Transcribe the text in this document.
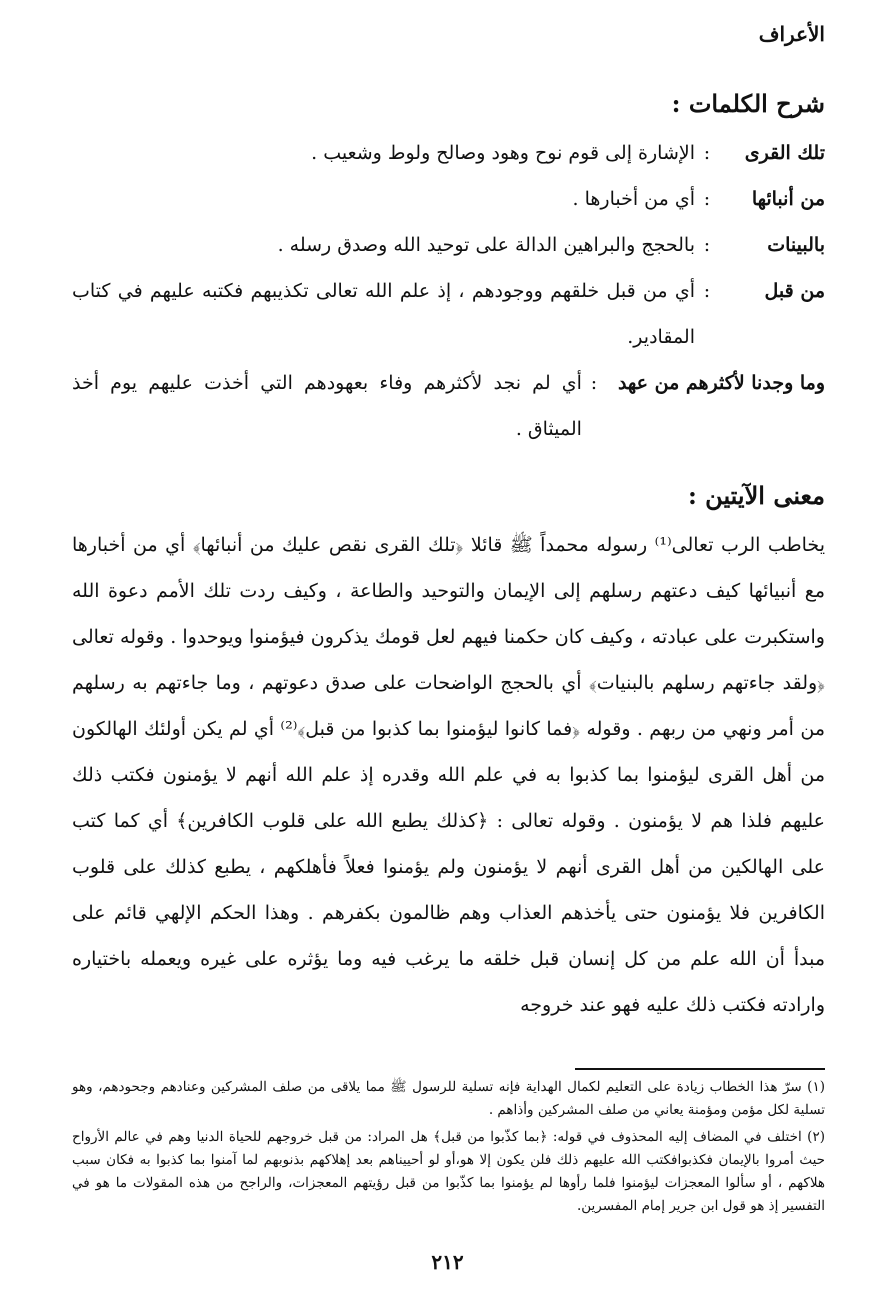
الأعراف
شرح الكلمات :
تلك القرى
:
الإشارة إلى قوم نوح وهود وصالح ولوط وشعيب .
من أنبائها
:
أي من أخبارها .
بالبينات
:
بالحجج والبراهين الدالة على توحيد الله وصدق رسله .
من قبل
:
أي من قبل خلقهم ووجودهم ، إذ علم الله تعالى تكذيبهم فكتبه عليهم في كتاب المقادير.
وما وجدنا لأكثرهم من عهد
:
أي لم نجد لأكثرهم وفاء بعهودهم التي أخذت عليهم يوم أخذ الميثاق .
معنى الآيتين :

يخاطب الرب تعالى⁽¹⁾ رسوله محمداً ﷺ قائلا ﴿تلك القرى نقص عليك من أنبائها﴾ أي من أخبارها مع أنبيائها كيف دعتهم رسلهم إلى الإيمان والتوحيد والطاعة ، وكيف ردت تلك الأمم دعوة الله واستكبرت على عبادته ، وكيف كان حكمنا فيهم لعل قومك يذكرون فيؤمنوا ويوحدوا . وقوله تعالى ﴿ولقد جاءتهم رسلهم بالبنيات﴾ أي بالحجج الواضحات على صدق دعوتهم ، وما جاءتهم به رسلهم من أمر ونهي من ربهم . وقوله ﴿فما كانوا ليؤمنوا بما كذبوا من قبل﴾⁽²⁾ أي لم يكن أولئك الهالكون من أهل القرى ليؤمنوا بما كذبوا به في علم الله وقدره إذ علم الله أنهم لا يؤمنون فكتب ذلك عليهم فلذا هم لا يؤمنون . وقوله تعالى : ﴿كذلك يطبع الله على قلوب الكافرين﴾ أي كما كتب على الهالكين من أهل القرى أنهم لا يؤمنون ولم يؤمنوا فعلاً فأهلكهم ، يطبع كذلك على قلوب الكافرين فلا يؤمنون حتى يأخذهم العذاب وهم ظالمون بكفرهم . وهذا الحكم الإلهي قائم على مبدأ أن الله علم من كل إنسان قبل خلقه ما يرغب فيه وما يؤثره على غيره ويعمله باختياره وارادته فكتب ذلك عليه فهو عند خروجه

(١) سرّ هذا الخطاب زيادة على التعليم لكمال الهداية فإنه تسلية للرسول ﷺ مما يلاقى من صلف المشركين وعنادهم وجحودهم، وهو تسلية لكل مؤمن ومؤمنة يعاني من صلف المشركين وأذاهم .

(٢) اختلف في المضاف إليه المحذوف في قوله: ﴿بما كذّبوا من قبل﴾ هل المراد: من قبل خروجهم للحياة الدنيا وهم في عالم الأرواح حيث أمروا بالإيمان فكذبوافكتب الله عليهم ذلك فلن يكون إلا هو،أو لو أحييناهم بعد إهلاكهم بذنوبهم لما آمنوا بما كذبوا به فكان سبب هلاكهم ، أو سألوا المعجزات ليؤمنوا فلما رأوها لم يؤمنوا بما كذّبوا من قبل رؤيتهم المعجزات، والراجح من هذه المقولات ما هو في التفسير إذ هو قول ابن جرير إمام المفسرين.

٢١٢
